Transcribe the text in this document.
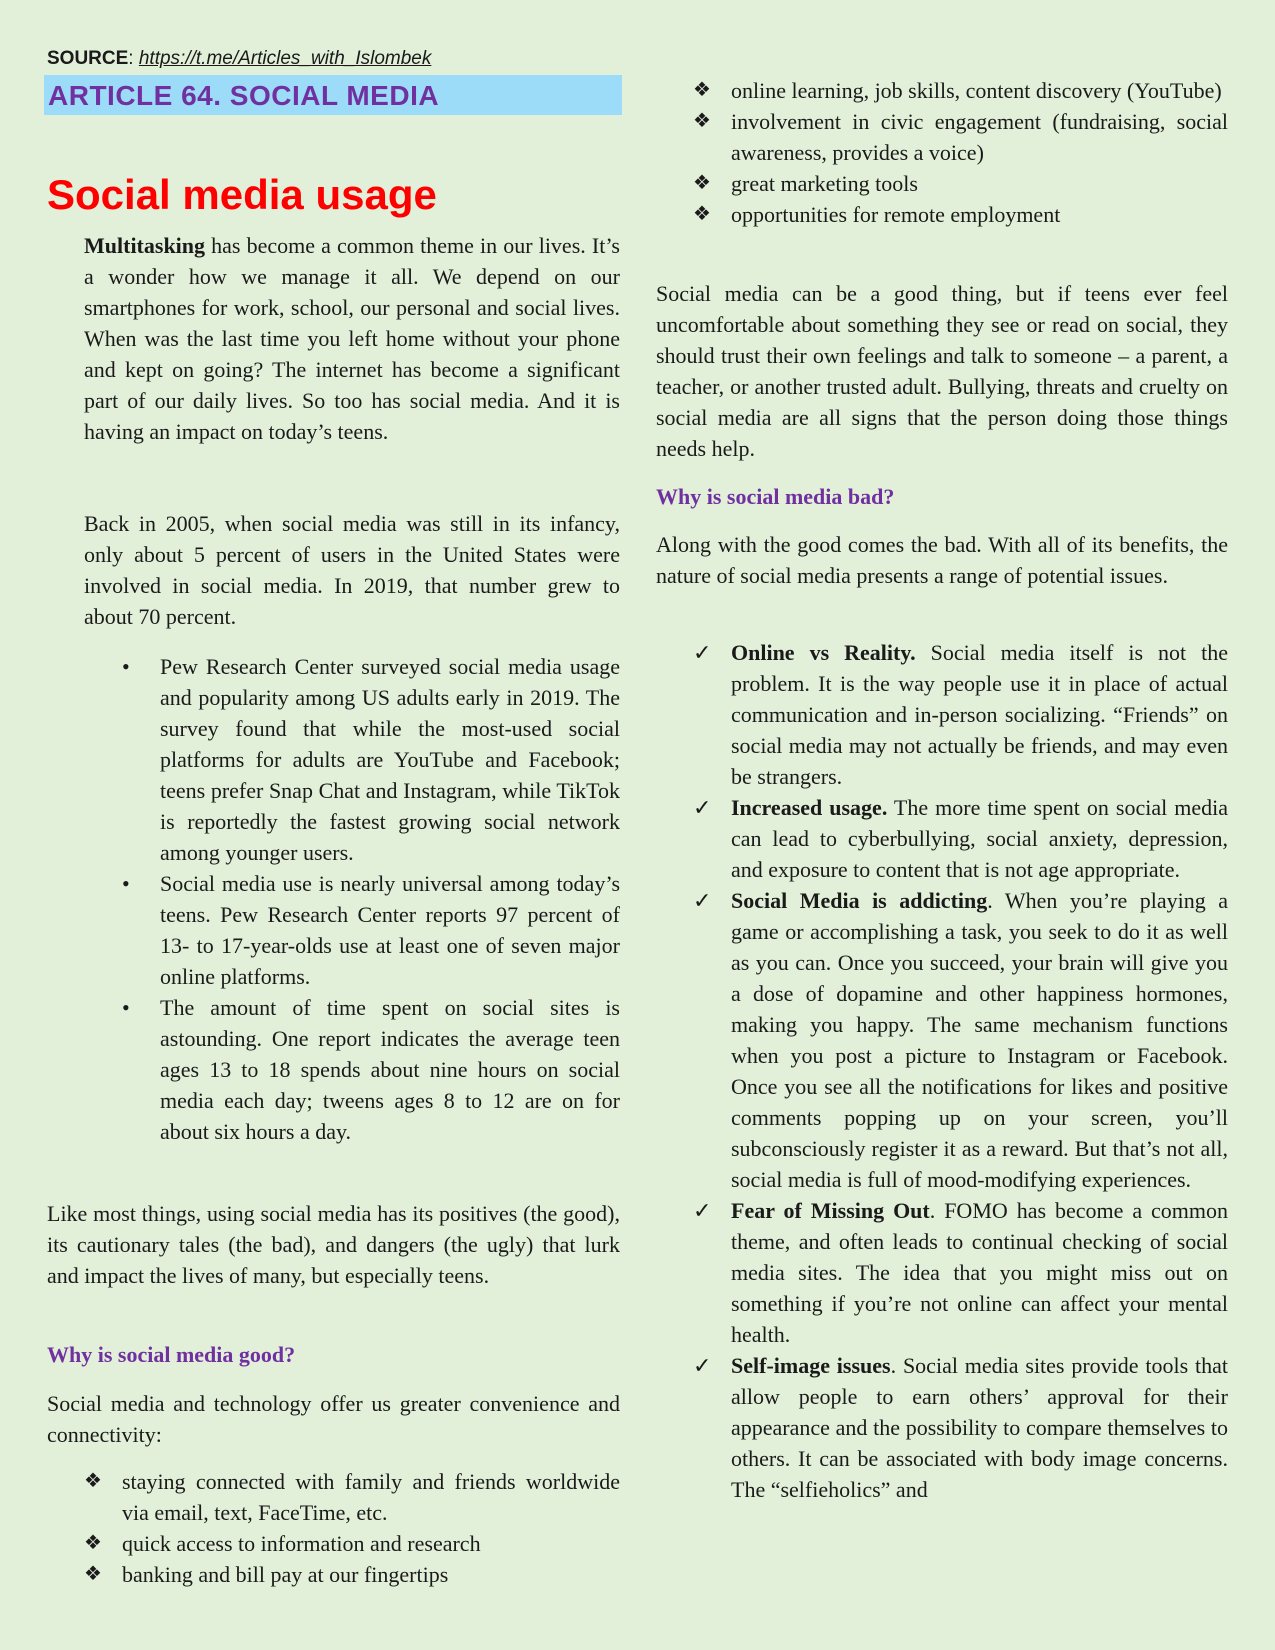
SOURCE: https://t.me/Articles_with_Islombek
ARTICLE 64. SOCIAL MEDIA
Social media usage

Multitasking has become a common theme in our lives. It’s a wonder how we manage it all. We depend on our smartphones for work, school, our personal and social lives. When was the last time you left home without your phone and kept on going? The internet has become a significant part of our daily lives. So too has social media. And it is having an impact on today’s teens.

Back in 2005, when social media was still in its infancy, only about 5 percent of users in the United States were involved in social media. In 2019, that number grew to about 70 percent.

• Pew Research Center surveyed social media usage and popularity among US adults early in 2019. The survey found that while the most-used social platforms for adults are YouTube and Facebook; teens prefer Snap Chat and Instagram, while TikTok is reportedly the fastest growing social network among younger users.
• Social media use is nearly universal among today’s teens. Pew Research Center reports 97 percent of 13- to 17-year-olds use at least one of seven major online platforms.
• The amount of time spent on social sites is astounding. One report indicates the average teen ages 13 to 18 spends about nine hours on social media each day; tweens ages 8 to 12 are on for about six hours a day.

Like most things, using social media has its positives (the good), its cautionary tales (the bad), and dangers (the ugly) that lurk and impact the lives of many, but especially teens.

Why is social media good?

Social media and technology offer us greater convenience and connectivity:

❖ staying connected with family and friends worldwide via email, text, FaceTime, etc.
❖ quick access to information and research
❖ banking and bill pay at our fingertips
❖ online learning, job skills, content discovery (YouTube)
❖ involvement in civic engagement (fundraising, social awareness, provides a voice)
❖ great marketing tools
❖ opportunities for remote employment

Social media can be a good thing, but if teens ever feel uncomfortable about something they see or read on social, they should trust their own feelings and talk to someone – a parent, a teacher, or another trusted adult. Bullying, threats and cruelty on social media are all signs that the person doing those things needs help.

Why is social media bad?

Along with the good comes the bad. With all of its benefits, the nature of social media presents a range of potential issues.

✓ Online vs Reality. Social media itself is not the problem. It is the way people use it in place of actual communication and in-person socializing. “Friends” on social media may not actually be friends, and may even be strangers.
✓ Increased usage. The more time spent on social media can lead to cyberbullying, social anxiety, depression, and exposure to content that is not age appropriate.
✓ Social Media is addicting. When you’re playing a game or accomplishing a task, you seek to do it as well as you can. Once you succeed, your brain will give you a dose of dopamine and other happiness hormones, making you happy. The same mechanism functions when you post a picture to Instagram or Facebook. Once you see all the notifications for likes and positive comments popping up on your screen, you’ll subconsciously register it as a reward. But that’s not all, social media is full of mood-modifying experiences.
✓ Fear of Missing Out. FOMO has become a common theme, and often leads to continual checking of social media sites. The idea that you might miss out on something if you’re not online can affect your mental health.
✓ Self-image issues. Social media sites provide tools that allow people to earn others’ approval for their appearance and the possibility to compare themselves to others. It can be associated with body image concerns. The “selfieholics” and
